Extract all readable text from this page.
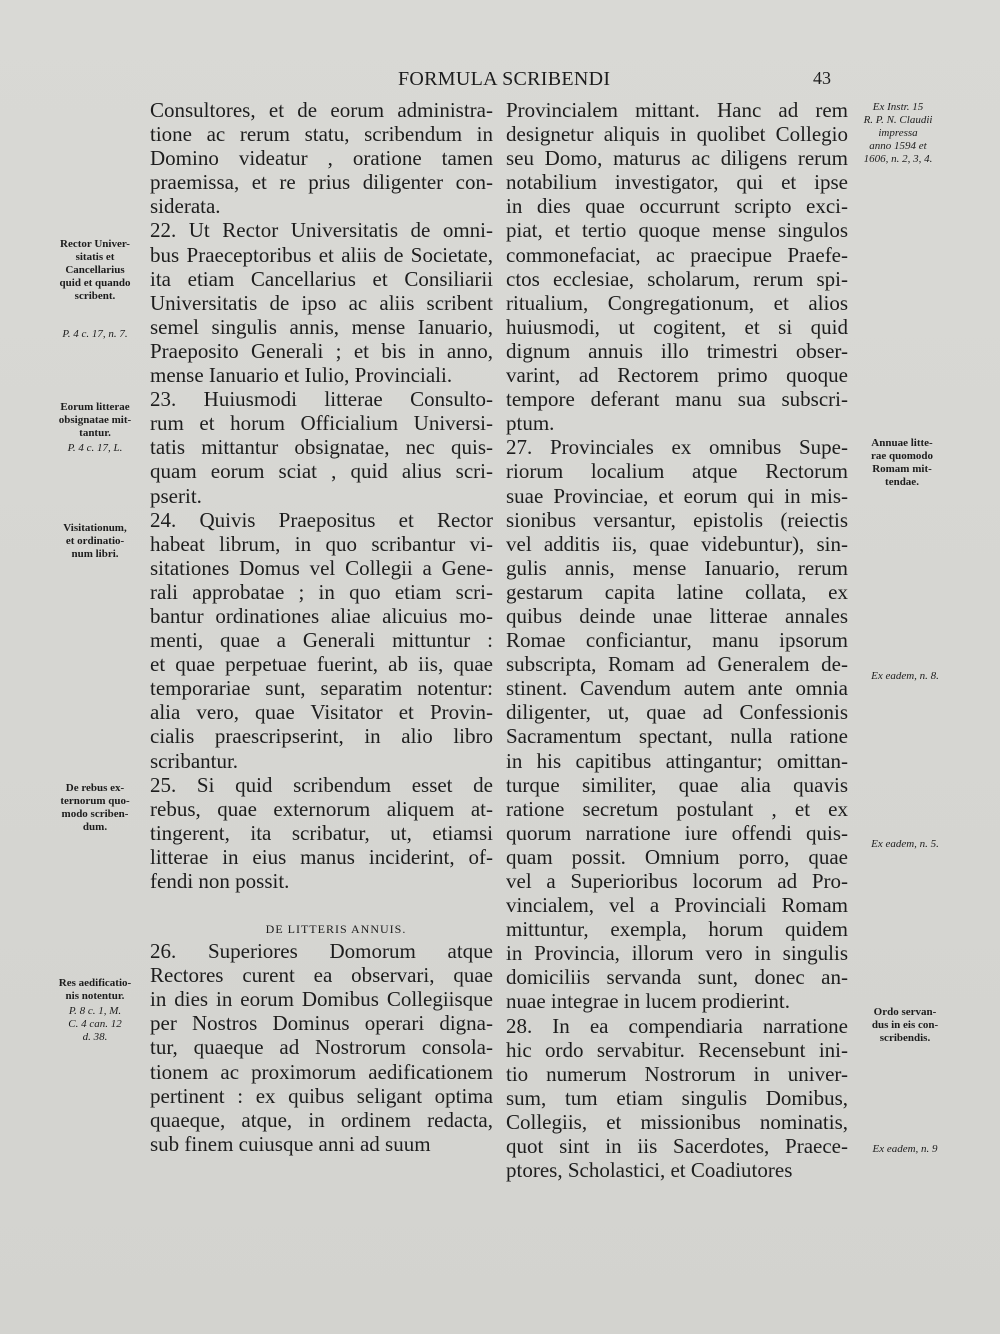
FORMULA SCRIBENDI	43
Consultores, et de eorum administra-
tione ac rerum statu, scribendum in
Domino videatur , oratione tamen
praemissa, et re prius diligenter con-
siderata.
22. Ut Rector Universitatis de omni-
bus Praeceptoribus et aliis de Societate,
ita etiam Cancellarius et Consiliarii
Universitatis de ipso ac aliis scribent
semel singulis annis, mense Ianuario,
Praeposito Generali ; et bis in anno,
mense Ianuario et Iulio, Provinciali.
23. Huiusmodi litterae Consulto-
rum et horum Officialium Universi-
tatis mittantur obsignatae, nec quis-
quam eorum sciat , quid alius scri-
pserit.
24. Quivis Praepositus et Rector
habeat librum, in quo scribantur vi-
sitationes Domus vel Collegii a Gene-
rali approbatae ; in quo etiam scri-
bantur ordinationes aliae alicuius mo-
menti, quae a Generali mittuntur :
et quae perpetuae fuerint, ab iis, quae
temporariae sunt, separatim notentur:
alia vero, quae Visitator et Provin-
cialis praescripserint, in alio libro
scribantur.
25. Si quid scribendum esset de
rebus, quae externorum aliquem at-
tingerent, ita scribatur, ut, etiamsi
litterae in eius manus inciderint, of-
fendi non possit.
26. Superiores Domorum atque
Rectores curent ea observari, quae
in dies in eorum Domibus Collegiisque
per Nostros Dominus operari digna-
tur, quaeque ad Nostrorum consola-
tionem ac proximorum aedificationem
pertinent : ex quibus seligant optima
quaeque, atque, in ordinem redacta,
sub finem cuiusque anni ad suum
DE LITTERIS ANNUIS.
Provincialem mittant. Hanc ad rem
designetur aliquis in quolibet Collegio
seu Domo, maturus ac diligens rerum
notabilium investigator, qui et ipse
in dies quae occurrunt scripto exci-
piat, et tertio quoque mense singulos
commonefaciat, ac praecipue Praefe-
ctos ecclesiae, scholarum, rerum spi-
ritualium, Congregationum, et alios
huiusmodi, ut cogitent, et si quid
dignum annuis illo trimestri obser-
varint, ad Rectorem primo quoque
tempore deferant manu sua subscri-
ptum.
27. Provinciales ex omnibus Supe-
riorum localium atque Rectorum
suae Provinciae, et eorum qui in mis-
sionibus versantur, epistolis (reiectis
vel additis iis, quae videbuntur), sin-
gulis annis, mense Ianuario, rerum
gestarum capita latine collata, ex
quibus deinde unae litterae annales
Romae conficiantur, manu ipsorum
subscripta, Romam ad Generalem de-
stinent. Cavendum autem ante omnia
diligenter, ut, quae ad Confessionis
Sacramentum spectant, nulla ratione
in his capitibus attingantur; omittan-
turque similiter, quae alia quavis
ratione secretum postulant , et ex
quorum narratione iure offendi quis-
quam possit. Omnium porro, quae
vel a Superioribus locorum ad Pro-
vincialem, vel a Provinciali Romam
mittuntur, exempla, horum quidem
in Provincia, illorum vero in singulis
domiciliis servanda sunt, donec an-
nuae integrae in lucem prodierint.
28. In ea compendiaria narratione
hic ordo servabitur. Recensebunt ini-
tio numerum Nostrorum in univer-
sum, tum etiam singulis Domibus,
Collegiis, et missionibus nominatis,
quot sint in iis Sacerdotes, Praece-
ptores, Scholastici, et Coadiutores
Rector Univer-
sitatis et
Cancellarius
quid et quando
scribent.
P. 4 c. 17, n. 7.
Eorum litterae
obsignatae mit-
tantur.
P. 4 c. 17, L.
Visitationum,
et ordinatio-
num libri.
De rebus ex-
ternorum quo-
modo scriben-
dum.
Res aedificatio-
nis notentur.
P. 8 c. 1, M.
C. 4 can. 12
d. 38.
Ex Instr. 15
R. P. N. Claudii
impressa
anno 1594 et
1606, n. 2, 3, 4.
Annuae litte-
rae quomodo
Romam mit-
tendae.
Ex eadem, n. 8.
Ex eadem, n. 5.
Ordo servan-
dus in eis con-
scribendis.
Ex eadem, n. 9
